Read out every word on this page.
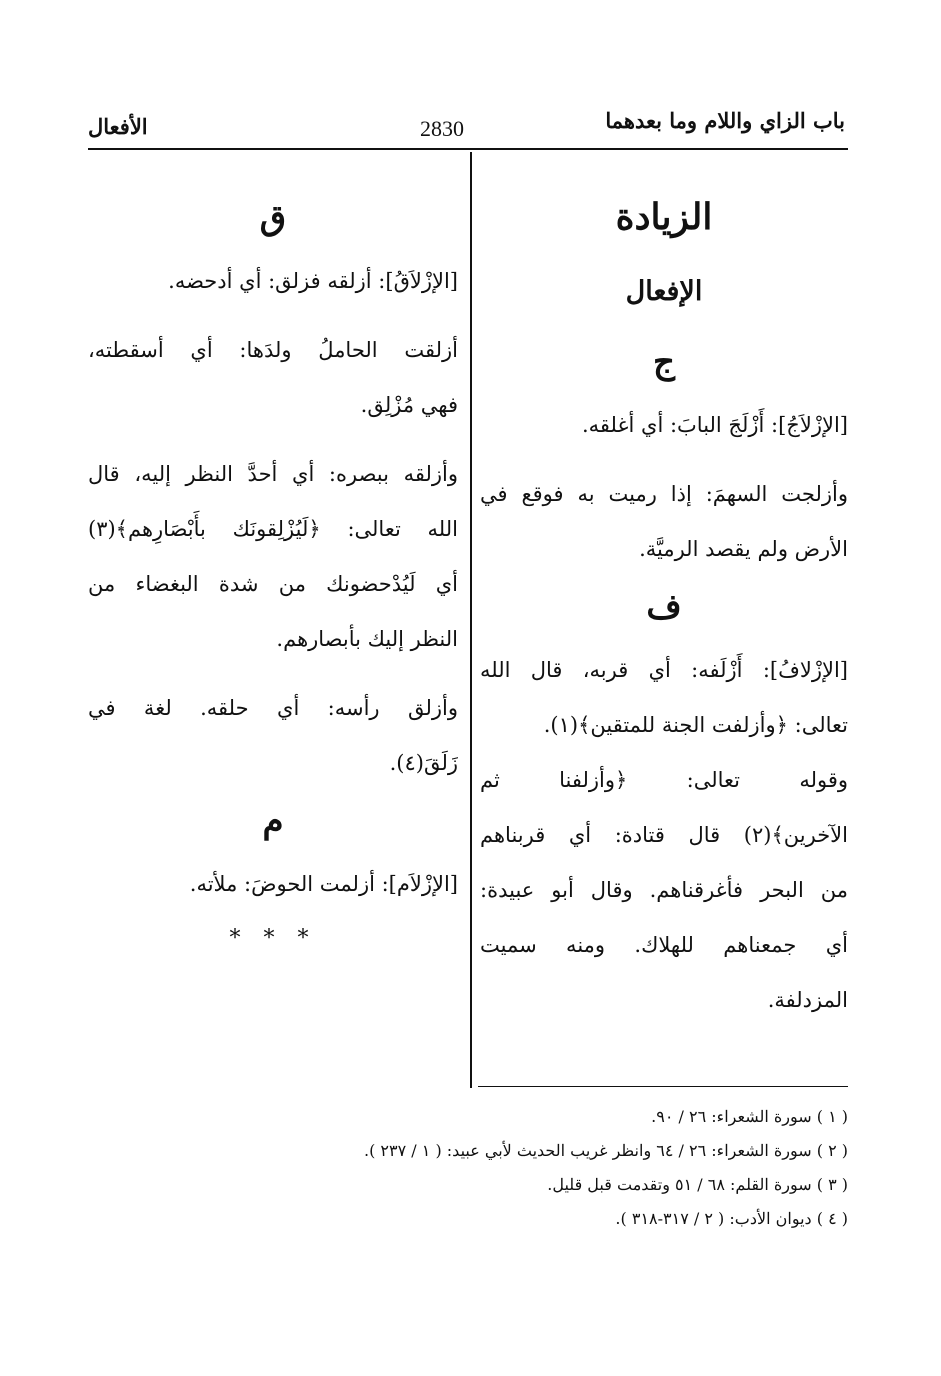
باب الزاي واللام وما بعدهما
2830
الأفعال
الزيادة
الإفعال
ج
[الإزْلاَجُ]: أَزْلَجَ البابَ: أي أغلقه.
وأزلجت السهمَ: إذا رميت به فوقع في
الأرض ولم يقصد الرميَّة.
ف
[الإزْلافُ]: أَزْلَفه: أي قربه، قال الله
تعالى: ﴿وأزلفت الجنة للمتقين﴾(١).
وقوله تعالى: ﴿وأزلفنا ثم
الآخرين﴾(٢) قال قتادة: أي قربناهم
من البحر فأغرقناهم. وقال أبو عبيدة:
أي جمعناهم للهلاك. ومنه سميت
المزدلفة.
ق
[الإزْلاَقُ]: أزلقه فزلق: أي أدحضه.
أزلقت الحاملُ ولدَها: أي أسقطته،
فهي مُزْلِق.
وأزلقه ببصره: أي أحدَّ النظر إليه، قال
الله تعالى: ﴿لَيُزْلِقونَك بأَبْصَارِهم﴾(٣)
أي لَيُدْحضونك من شدة البغضاء من
النظر إليك بأبصارهم.
وأزلق رأسه: أي حلقه. لغة في
زَلَقَ(٤).
م
[الإزْلاَم]: أزلمت الحوضَ: ملأته.
* * *
( ١ ) سورة الشعراء: ٢٦ / ٩٠.
( ٢ ) سورة الشعراء: ٢٦ / ٦٤ وانظر غريب الحديث لأبي عبيد: ( ١ / ٢٣٧ ).
( ٣ ) سورة القلم: ٦٨ / ٥١ وتقدمت قبل قليل.
( ٤ ) ديوان الأدب: ( ٢ / ٣١٧-٣١٨ ).
